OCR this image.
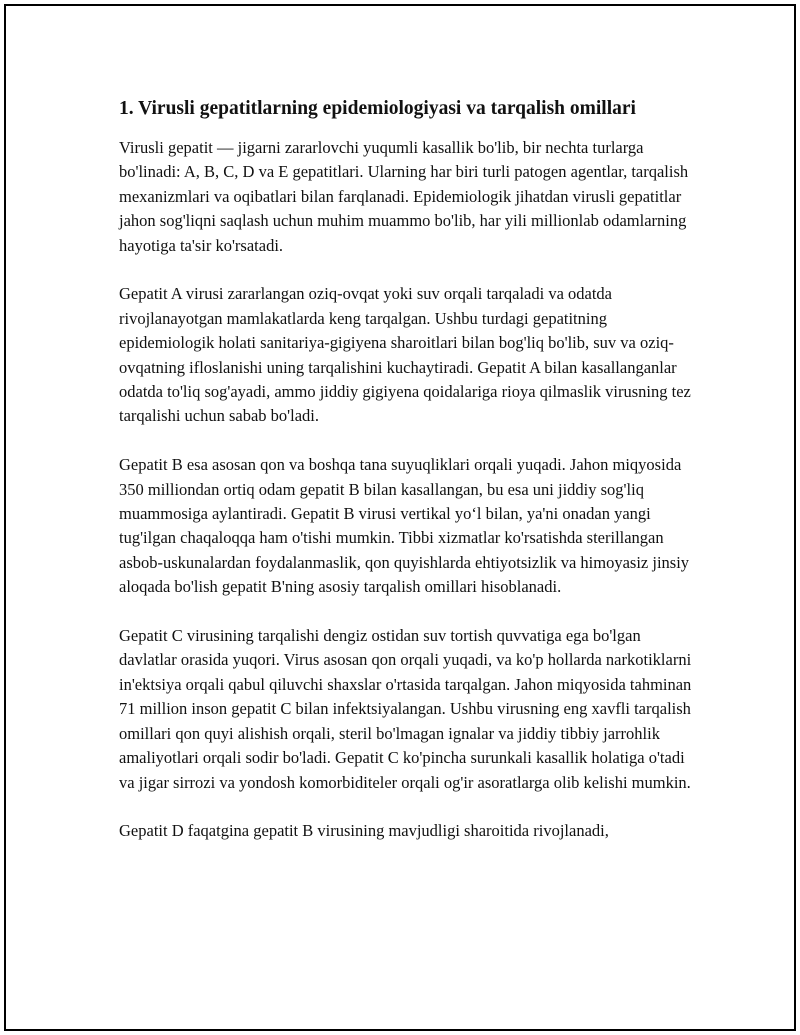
1. Virusli gepatitlarning epidemiologiyasi va tarqalish omillari

Virusli gepatit — jigarni zararlovchi yuqumli kasallik bo'lib, bir nechta turlarga bo'linadi: A, B, C, D va E gepatitlari. Ularning har biri turli patogen agentlar, tarqalish mexanizmlari va oqibatlari bilan farqlanadi. Epidemiologik jihatdan virusli gepatitlar jahon sog'liqni saqlash uchun muhim muammo bo'lib, har yili millionlab odamlarning hayotiga ta'sir ko'rsatadi.

Gepatit A virusi zararlangan oziq-ovqat yoki suv orqali tarqaladi va odatda rivojlanayotgan mamlakatlarda keng tarqalgan. Ushbu turdagi gepatitning epidemiologik holati sanitariya-gigiyena sharoitlari bilan bog'liq bo'lib, suv va oziq-ovqatning ifloslanishi uning tarqalishini kuchaytiradi. Gepatit A bilan kasallanganlar odatda to'liq sog'ayadi, ammo jiddiy gigiyena qoidalariga rioya qilmaslik virusning tez tarqalishi uchun sabab bo'ladi.

Gepatit B esa asosan qon va boshqa tana suyuqliklari orqali yuqadi. Jahon miqyosida 350 milliondan ortiq odam gepatit B bilan kasallangan, bu esa uni jiddiy sog'liq muammosiga aylantiradi. Gepatit B virusi vertikal yo‘l bilan, ya'ni onadan yangi tug'ilgan chaqaloqqa ham o'tishi mumkin. Tibbi xizmatlar ko'rsatishda sterillangan asbob-uskunalardan foydalanmaslik, qon quyishlarda ehtiyotsizlik va himoyasiz jinsiy aloqada bo'lish gepatit B'ning asosiy tarqalish omillari hisoblanadi.

Gepatit C virusining tarqalishi dengiz ostidan suv tortish quvvatiga ega bo'lgan davlatlar orasida yuqori. Virus asosan qon orqali yuqadi, va ko'p hollarda narkotiklarni in'ektsiya orqali qabul qiluvchi shaxslar o'rtasida tarqalgan. Jahon miqyosida tahminan 71 million inson gepatit C bilan infektsiyalangan. Ushbu virusning eng xavfli tarqalish omillari qon quyi alishish orqali, steril bo'lmagan ignalar va jiddiy tibbiy jarrohlik amaliyotlari orqali sodir bo'ladi. Gepatit C ko'pincha surunkali kasallik holatiga o'tadi va jigar sirrozi va yondosh komorbiditeler orqali og'ir asoratlarga olib kelishi mumkin.

Gepatit D faqatgina gepatit B virusining mavjudligi sharoitida rivojlanadi,
